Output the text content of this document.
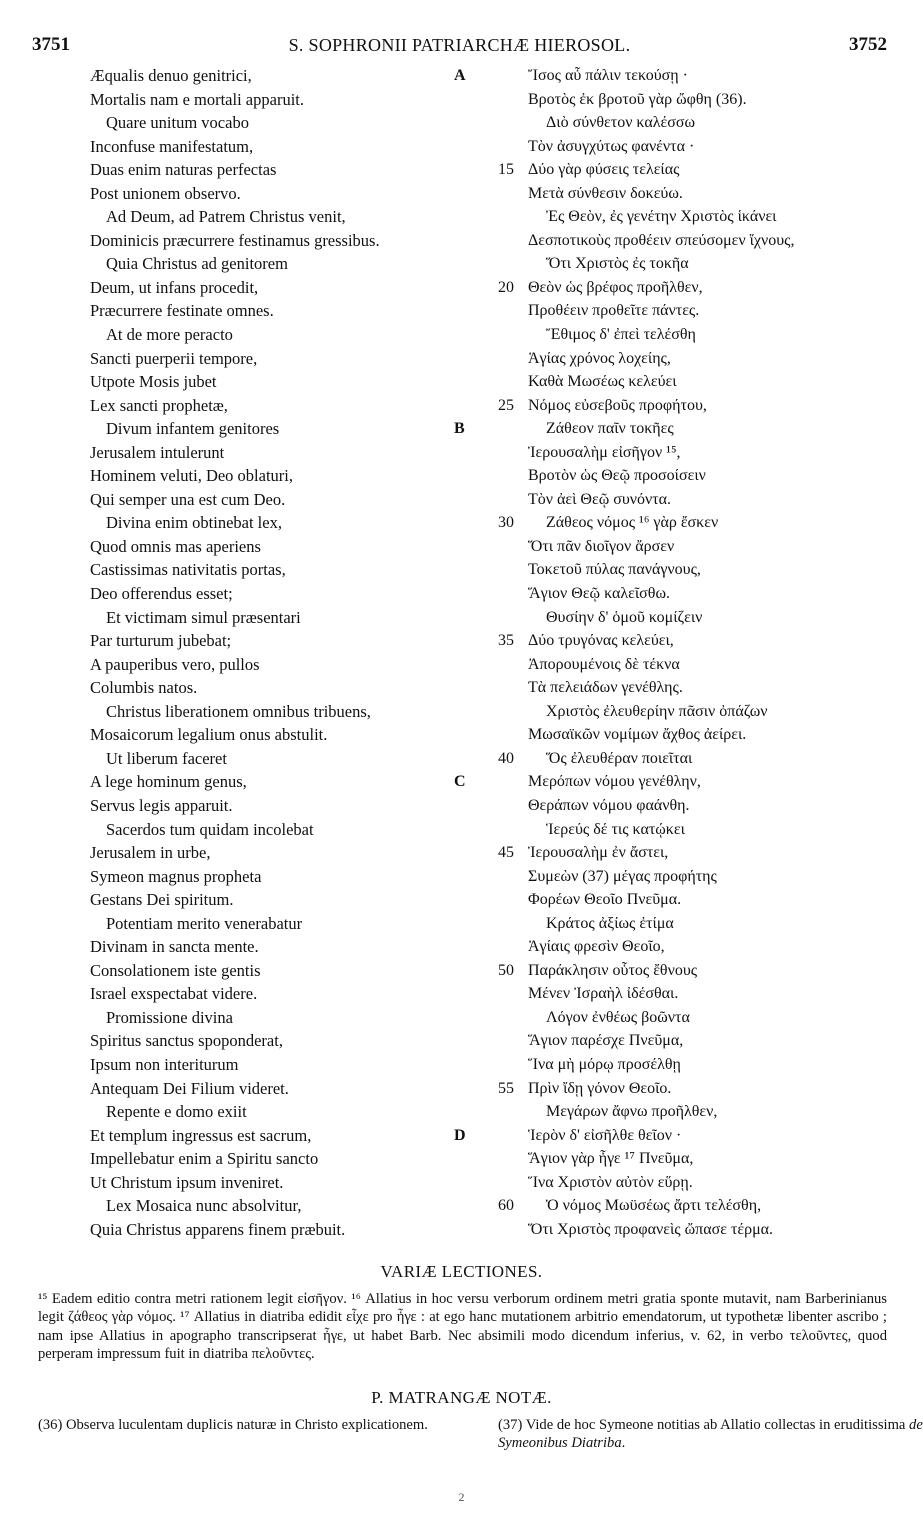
3751	S. SOPHRONII PATRIARCHÆ HIEROSOL.	3752
Æqualis denuo genitrici,	A	Ἴσος αὖ πάλιν τεκούσῃ ·
Mortalis nam e mortali apparuit.	Βροτὸς ἐκ βροτοῦ γὰρ ὤφθη (36).
Quare unitum vocabo	Διὸ σύνθετον καλέσσω
Inconfuse manifestatum,	Τὸν ἀσυγχύτως φανέντα ·
Duas enim naturas perfectas	15 Δύο γὰρ φύσεις τελείας
Post unionem observo.	Μετὰ σύνθεσιν δοκεύω.
Ad Deum, ad Patrem Christus venit,	Ἐς Θεὸν, ἐς γενέτην Χριστὸς ἱκάνει
Dominicis præcurrere festinamus gressibus.	Δεσποτικοὺς προθέειν σπεύσομεν ἴχνους,
Quia Christus ad genitorem	Ὅτι Χριστὸς ἐς τοκῆα
Deum, ut infans procedit,	20 Θεὸν ὡς βρέφος προῆλθεν,
Præcurrere festinate omnes.	Προθέειν προθεῖτε πάντες.
At de more peracto	Ἔθιμος δ' ἐπεὶ τελέσθη
Sancti puerperii tempore,	Ἁγίας χρόνος λοχείης,
Utpote Mosis jubet	Καθὰ Μωσέως κελεύει
Lex sancti prophetæ,	25 Νόμος εὐσεβοῦς προφήτου,
Divum infantem genitores	B	Ζάθεον παῖν τοκῆες
Jerusalem intulerunt	Ἱερουσαλὴμ εἰσῆγον ¹⁵,
Hominem veluti, Deo oblaturi,	Βροτὸν ὡς Θεῷ προσοίσειν
Qui semper una est cum Deo.	Τὸν ἀεὶ Θεῷ συνόντα.
Divina enim obtinebat lex,	30 Ζάθεος νόμος ¹⁶ γὰρ ἔσκεν
Quod omnis mas aperiens	Ὅτι πᾶν διοῖγον ἄρσεν
Castissimas nativitatis portas,	Τοκετοῦ πύλας πανάγνους,
Deo offerendus esset;	Ἅγιον Θεῷ καλεῖσθω.
Et victimam simul præsentari	Θυσίην δ' ὁμοῦ κομίζειν
Par turturum jubebat;	35 Δύο τρυγόνας κελεύει,
A pauperibus vero, pullos	Ἀπορουμένοις δὲ τέκνα
Columbis natos.	Τὰ πελειάδων γενέθλης.
Christus liberationem omnibus tribuens,	Χριστὸς ἐλευθερίην πᾶσιν ὀπάζων
Mosaicorum legalium onus abstulit.	Μωσαϊκῶν νομίμων ἄχθος ἀείρει.
Ut liberum faceret	40 Ὅς ἐλευθέραν ποιεῖται
A lege hominum genus,	C	Μερόπων νόμου γενέθλην,
Servus legis apparuit.	Θεράπων νόμου φαάνθη.
Sacerdos tum quidam incolebat	Ἱερεύς δέ τις κατῴκει
Jerusalem in urbe,	45 Ἱερουσαλὴμ ἐν ἄστει,
Symeon magnus propheta	Συμεὼν (37) μέγας προφήτης
Gestans Dei spiritum.	Φορέων Θεοῖο Πνεῦμα.
Potentiam merito venerabatur	Κράτος ἀξίως ἐτίμα
Divinam in sancta mente.	Ἁγίαις φρεσὶν Θεοῖο,
Consolationem iste gentis	50 Παράκλησιν οὗτος ἔθνους
Israel exspectabat videre.	Μένεν Ἰσραὴλ ἰδέσθαι.
Promissione divina	Λόγον ἐνθέως βοῶντα
Spiritus sanctus spoponderat,	Ἅγιον παρέσχε Πνεῦμα,
Ipsum non interiturum	Ἵνα μὴ μόρῳ προσέλθῃ
Antequam Dei Filium videret.	55 Πρὶν ἴδῃ γόνον Θεοῖο.
Repente e domo exiit	Μεγάρων ἄφνω προῆλθεν,
Et templum ingressus est sacrum,	D	Ἱερὸν δ' εἰσῆλθε θεῖον ·
Impellebatur enim a Spiritu sancto	Ἅγιον γὰρ ἦγε ¹⁷ Πνεῦμα,
Ut Christum ipsum inveniret.	Ἵνα Χριστὸν αὐτὸν εὕρῃ.
Lex Mosaica nunc absolvitur,	60 Ὁ νόμος Μωϋσέως ἄρτι τελέσθη,
Quia Christus apparens finem præbuit.	Ὅτι Χριστὸς προφανεὶς ὤπασε τέρμα.
VARIÆ LECTIONES.
¹⁵ Eadem editio contra metri rationem legit εἰσῆγον. ¹⁶ Allatius in hoc versu verborum ordinem metri gratia sponte mutavit, nam Barberinianus legit ζάθεος γὰρ νόμος. ¹⁷ Allatius in diatriba edidit εἶχε pro ἦγε : at ego hanc mutationem arbitrio emendatorum, ut typothetæ libenter ascribo ; nam ipse Allatius in apographo transcripserat ἦγε, ut habet Barb. Nec absimili modo dicendum inferius, v. 62, in verbo τελοῦντες, quod perperam impressum fuit in diatriba πελοῦντες.
P. MATRANGÆ NOTÆ.
(36) Observa luculentam duplicis naturæ in Christo explicationem.	(37) Vide de hoc Symeone notitias ab Allatio collectas in eruditissima de Symeonibus Diatriba.
2
